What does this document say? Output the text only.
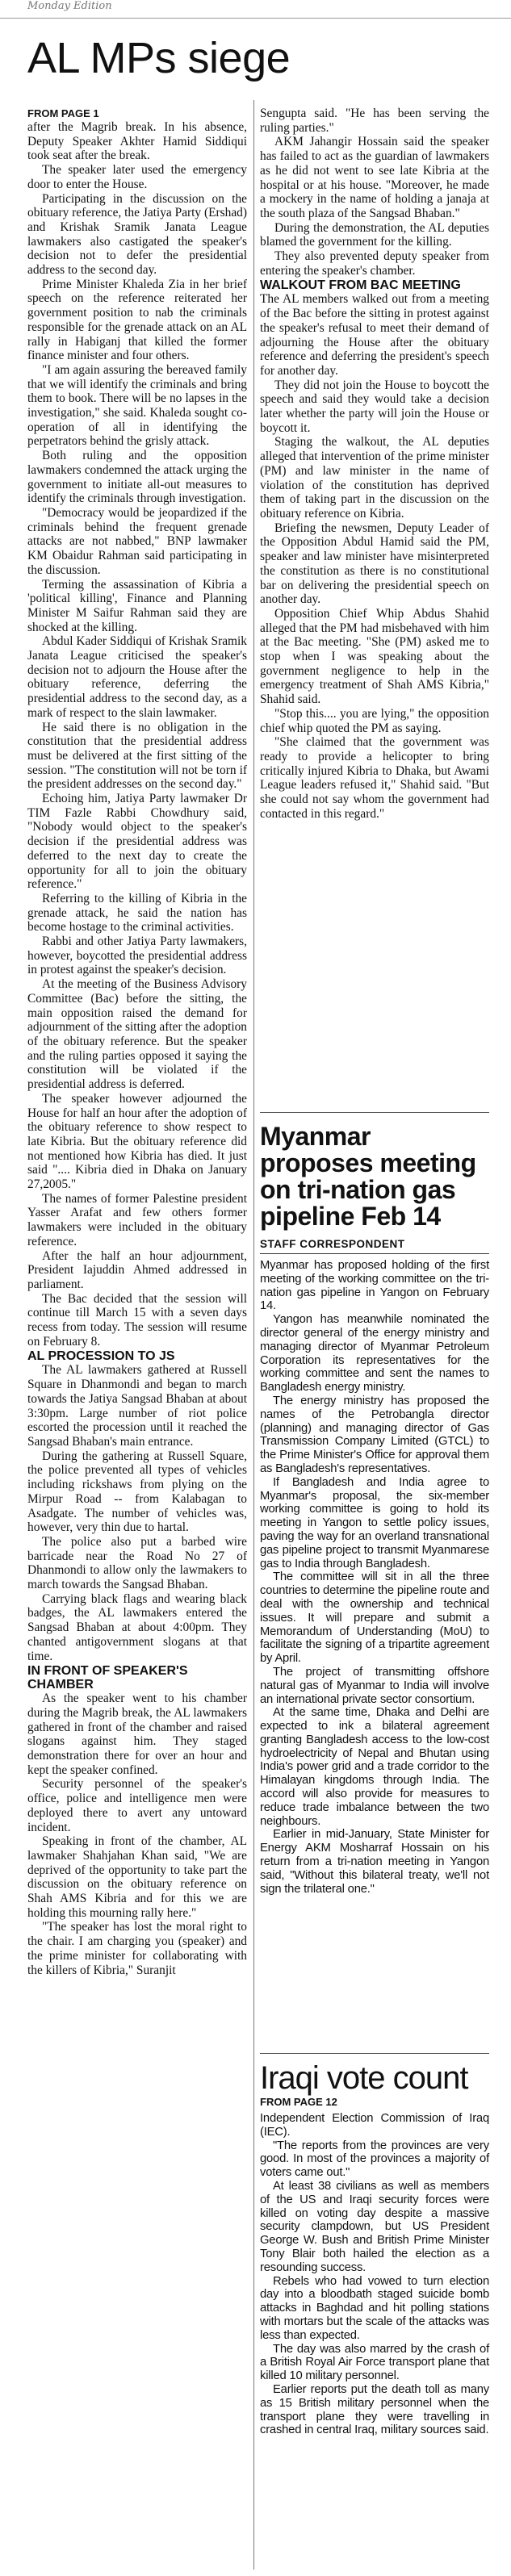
Monday Edition
AL MPs siege
FROM PAGE 1

after the Magrib break. In his absence, Deputy Speaker Akhter Hamid Siddiqui took seat after the break.

The speaker later used the emergency door to enter the House.

Participating in the discussion on the obituary reference, the Jatiya Party (Ershad) and Krishak Sramik Janata League lawmakers also castigated the speaker's decision not to defer the presidential address to the second day.

Prime Minister Khaleda Zia in her brief speech on the reference reiterated her government position to nab the criminals responsible for the grenade attack on an AL rally in Habiganj that killed the former finance minister and four others.

"I am again assuring the bereaved family that we will identify the criminals and bring them to book. There will be no lapses in the investigation," she said. Khaleda sought co-operation of all in identifying the perpetrators behind the grisly attack.

Both ruling and the opposition lawmakers condemned the attack urging the government to initiate all-out measures to identify the criminals through investigation.

"Democracy would be jeopardized if the criminals behind the frequent grenade attacks are not nabbed," BNP lawmaker KM Obaidur Rahman said participating in the discussion.

Terming the assassination of Kibria a 'political killing', Finance and Planning Minister M Saifur Rahman said they are shocked at the killing.

Abdul Kader Siddiqui of Krishak Sramik Janata League criticised the speaker's decision not to adjourn the House after the obituary reference, deferring the presidential address to the second day, as a mark of respect to the slain lawmaker.

He said there is no obligation in the constitution that the presidential address must be delivered at the first sitting of the session. "The constitution will not be torn if the president addresses on the second day."

Echoing him, Jatiya Party lawmaker Dr TIM Fazle Rabbi Chowdhury said, "Nobody would object to the speaker's decision if the presidential address was deferred to the next day to create the opportunity for all to join the obituary reference."

Referring to the killing of Kibria in the grenade attack, he said the nation has become hostage to the criminal activities.

Rabbi and other Jatiya Party lawmakers, however, boycotted the presidential address in protest against the speaker's decision.

At the meeting of the Business Advisory Committee (Bac) before the sitting, the main opposition raised the demand for adjournment of the sitting after the adoption of the obituary reference. But the speaker and the ruling parties opposed it saying the constitution will be violated if the presidential address is deferred.

The speaker however adjourned the House for half an hour after the adoption of the obituary reference to show respect to late Kibria. But the obituary reference did not mentioned how Kibria has died. It just said ".... Kibria died in Dhaka on January 27,2005."

The names of former Palestine president Yasser Arafat and few others former lawmakers were included in the obituary reference.

After the half an hour adjournment, President Iajuddin Ahmed addressed in parliament.

The Bac decided that the session will continue till March 15 with a seven days recess from today. The session will resume on February 8.

AL PROCESSION TO JS

The AL lawmakers gathered at Russell Square in Dhanmondi and began to march towards the Jatiya Sangsad Bhaban at about 3:30pm. Large number of riot police escorted the procession until it reached the Sangsad Bhaban's main entrance.

During the gathering at Russell Square, the police prevented all types of vehicles including rickshaws from plying on the Mirpur Road -- from Kalabagan to Asadgate. The number of vehicles was, however, very thin due to hartal.

The police also put a barbed wire barricade near the Road No 27 of Dhanmondi to allow only the lawmakers to march towards the Sangsad Bhaban.

Carrying black flags and wearing black badges, the AL lawmakers entered the Sangsad Bhaban at about 4:00pm. They chanted antigovernment slogans at that time.

IN FRONT OF SPEAKER'S CHAMBER

As the speaker went to his chamber during the Magrib break, the AL lawmakers gathered in front of the chamber and raised slogans against him. They staged demonstration there for over an hour and kept the speaker confined.

Security personnel of the speaker's office, police and intelligence men were deployed there to avert any untoward incident.

Speaking in front of the chamber, AL lawmaker Shahjahan Khan said, "We are deprived of the opportunity to take part the discussion on the obituary reference on Shah AMS Kibria and for this we are holding this mourning rally here."

"The speaker has lost the moral right to the chair. I am charging you (speaker) and the prime minister for collaborating with the killers of Kibria," Suranjit

Sengupta said. "He has been serving the ruling parties."

AKM Jahangir Hossain said the speaker has failed to act as the guardian of lawmakers as he did not went to see late Kibria at the hospital or at his house. "Moreover, he made a mockery in the name of holding a janaja at the south plaza of the Sangsad Bhaban."

During the demonstration, the AL deputies blamed the government for the killing.

They also prevented deputy speaker from entering the speaker's chamber.

WALKOUT FROM BAC MEETING

The AL members walked out from a meeting of the Bac before the sitting in protest against the speaker's refusal to meet their demand of adjourning the House after the obituary reference and deferring the president's speech for another day.

They did not join the House to boycott the speech and said they would take a decision later whether the party will join the House or boycott it.

Staging the walkout, the AL deputies alleged that intervention of the prime minister (PM) and law minister in the name of violation of the constitution has deprived them of taking part in the discussion on the obituary reference on Kibria.

Briefing the newsmen, Deputy Leader of the Opposition Abdul Hamid said the PM, speaker and law minister have misinterpreted the constitution as there is no constitutional bar on delivering the presidential speech on another day.

Opposition Chief Whip Abdus Shahid alleged that the PM had misbehaved with him at the Bac meeting. "She (PM) asked me to stop when I was speaking about the government negligence to help in the emergency treatment of Shah AMS Kibria," Shahid said.

"Stop this.... you are lying," the opposition chief whip quoted the PM as saying.

"She claimed that the government was ready to provide a helicopter to bring critically injured Kibria to Dhaka, but Awami League leaders refused it," Shahid said. "But she could not say whom the government had contacted in this regard."

Myanmar proposes meeting on tri-nation gas pipeline Feb 14
STAFF CORRESPONDENT

Myanmar has proposed holding of the first meeting of the working committee on the tri-nation gas pipeline in Yangon on February 14.

Yangon has meanwhile nominated the director general of the energy ministry and managing director of Myanmar Petroleum Corporation its representatives for the working committee and sent the names to Bangladesh energy ministry.

The energy ministry has proposed the names of the Petrobangla director (planning) and managing director of Gas Transmission Company Limited (GTCL) to the Prime Minister's Office for approval them as Bangladesh's representatives.

If Bangladesh and India agree to Myanmar's proposal, the six-member working committee is going to hold its meeting in Yangon to settle policy issues, paving the way for an overland transnational gas pipeline project to transmit Myanmarese gas to India through Bangladesh.

The committee will sit in all the three countries to determine the pipeline route and deal with the ownership and technical issues. It will prepare and submit a Memorandum of Understanding (MoU) to facilitate the signing of a tripartite agreement by April.

The project of transmitting offshore natural gas of Myanmar to India will involve an international private sector consortium.

At the same time, Dhaka and Delhi are expected to ink a bilateral agreement granting Bangladesh access to the low-cost hydroelectricity of Nepal and Bhutan using India's power grid and a trade corridor to the Himalayan kingdoms through India. The accord will also provide for measures to reduce trade imbalance between the two neighbours.

Earlier in mid-January, State Minister for Energy AKM Mosharraf Hossain on his return from a tri-nation meeting in Yangon said, "Without this bilateral treaty, we'll not sign the trilateral one."

Iraqi vote count
FROM PAGE 12

Independent Election Commission of Iraq (IEC).

"The reports from the provinces are very good. In most of the provinces a majority of voters came out."

At least 38 civilians as well as members of the US and Iraqi security forces were killed on voting day despite a massive security clampdown, but US President George W. Bush and British Prime Minister Tony Blair both hailed the election as a resounding success.

Rebels who had vowed to turn election day into a bloodbath staged suicide bomb attacks in Baghdad and hit polling stations with mortars but the scale of the attacks was less than expected.

The day was also marred by the crash of a British Royal Air Force transport plane that killed 10 military personnel.

Earlier reports put the death toll as many as 15 British military personnel when the transport plane they were travelling in crashed in central Iraq, military sources said.
